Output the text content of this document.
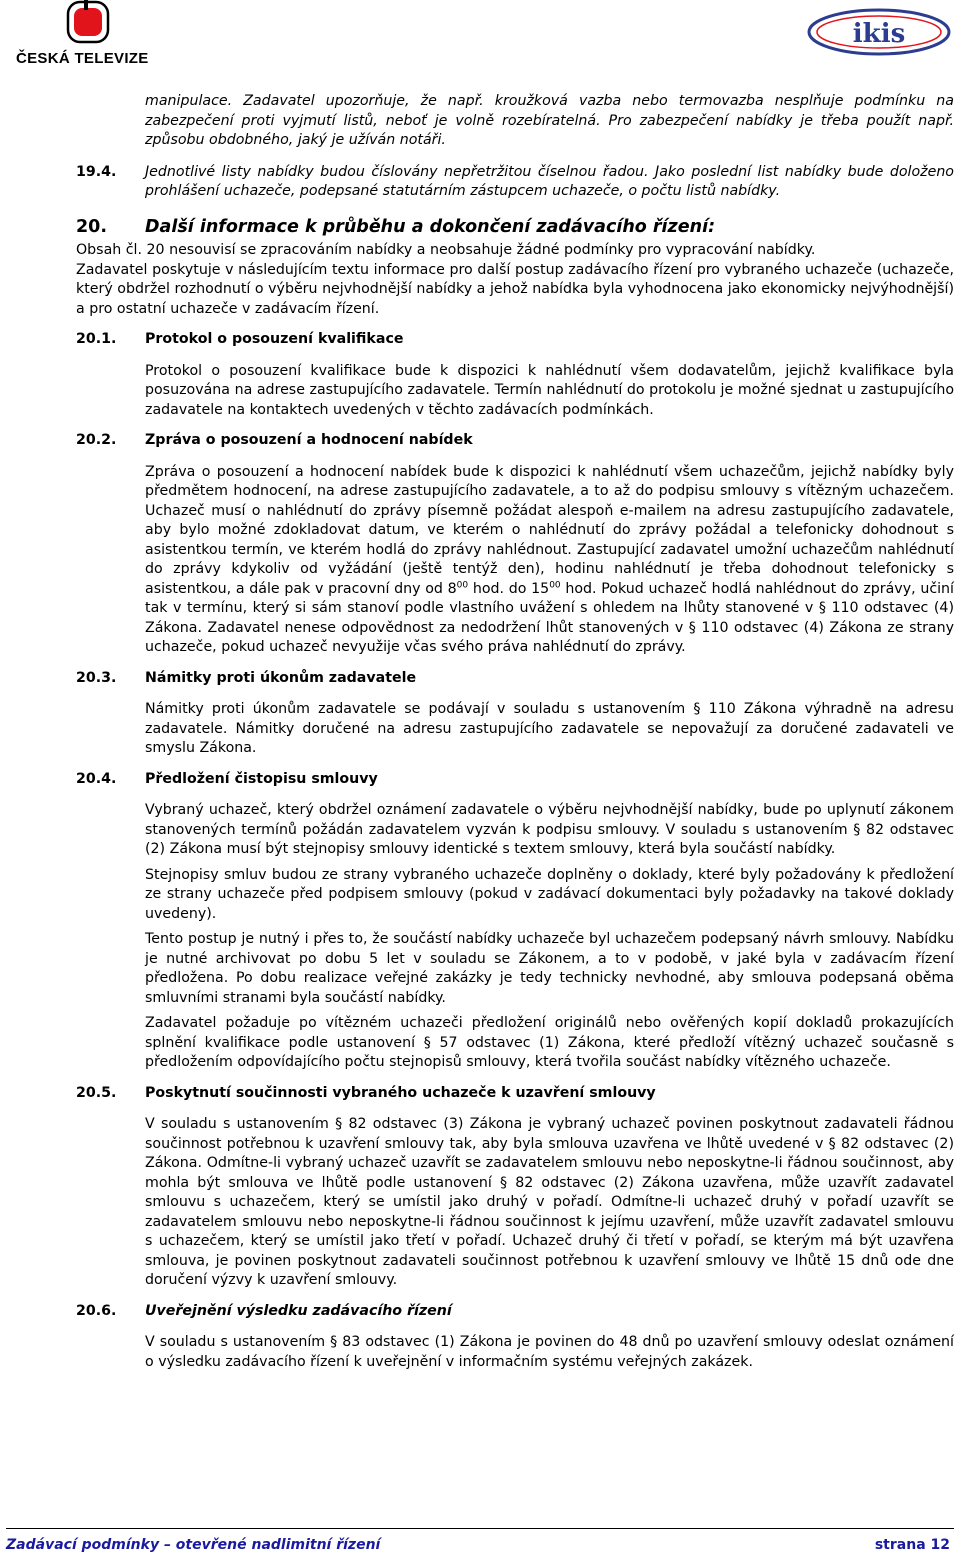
ČESKÁ TELEVIZE
ikis
manipulace. Zadavatel upozorňuje, že např. kroužková vazba nebo termovazba nesplňuje podmínku na zabezpečení proti vyjmutí listů, neboť je volně rozebíratelná. Pro zabezpečení nabídky je třeba použít např. způsobu obdobného, jaký je užíván notáři.
19.4. Jednotlivé listy nabídky budou číslovány nepřetržitou číselnou řadou. Jako poslední list nabídky bude doloženo prohlášení uchazeče, podepsané statutárním zástupcem uchazeče, o počtu listů nabídky.
20. Další informace k průběhu a dokončení zadávacího řízení:
Obsah čl. 20 nesouvisí se zpracováním nabídky a neobsahuje žádné podmínky pro vypracování nabídky.
Zadavatel poskytuje v následujícím textu informace pro další postup zadávacího řízení pro vybraného uchazeče (uchazeče, který obdržel rozhodnutí o výběru nejvhodnější nabídky a jehož nabídka byla vyhodnocena jako ekonomicky nejvýhodnější) a pro ostatní uchazeče v zadávacím řízení.
20.1. Protokol o posouzení kvalifikace
Protokol o posouzení kvalifikace bude k dispozici k nahlédnutí všem dodavatelům, jejichž kvalifikace byla posuzována na adrese zastupujícího zadavatele. Termín nahlédnutí do protokolu je možné sjednat u zastupujícího zadavatele na kontaktech uvedených v těchto zadávacích podmínkách.
20.2. Zpráva o posouzení a hodnocení nabídek
Zpráva o posouzení a hodnocení nabídek bude k dispozici k nahlédnutí všem uchazečům, jejichž nabídky byly předmětem hodnocení, na adrese zastupujícího zadavatele, a to až do podpisu smlouvy s vítězným uchazečem. Uchazeč musí o nahlédnutí do zprávy písemně požádat alespoň e-mailem na adresu zastupujícího zadavatele, aby bylo možné zdokladovat datum, ve kterém o nahlédnutí do zprávy požádal a telefonicky dohodnout s asistentkou termín, ve kterém hodlá do zprávy nahlédnout. Zastupující zadavatel umožní uchazečům nahlédnutí do zprávy kdykoliv od vyžádání (ještě tentýž den), hodinu nahlédnutí je třeba dohodnout telefonicky s asistentkou, a dále pak v pracovní dny od $8^{00}$ hod. do $15^{00}$ hod. Pokud uchazeč hodlá nahlédnout do zprávy, učiní tak v termínu, který si sám stanoví podle vlastního uvážení s ohledem na lhůty stanovené v § 110 odstavec (4) Zákona. Zadavatel nenese odpovědnost za nedodržení lhůt stanovených v § 110 odstavec (4) Zákona ze strany uchazeče, pokud uchazeč nevyužije včas svého práva nahlédnutí do zprávy.
20.3. Námitky proti úkonům zadavatele
Námitky proti úkonům zadavatele se podávají v souladu s ustanovením § 110 Zákona výhradně na adresu zadavatele. Námitky doručené na adresu zastupujícího zadavatele se nepovažují za doručené zadavateli ve smyslu Zákona.
20.4. Předložení čistopisu smlouvy
Vybraný uchazeč, který obdržel oznámení zadavatele o výběru nejvhodnější nabídky, bude po uplynutí zákonem stanovených termínů požádán zadavatelem vyzván k podpisu smlouvy. V souladu s ustanovením § 82 odstavec (2) Zákona musí být stejnopisy smlouvy identické s textem smlouvy, která byla součástí nabídky.
Stejnopisy smluv budou ze strany vybraného uchazeče doplněny o doklady, které byly požadovány k předložení ze strany uchazeče před podpisem smlouvy (pokud v zadávací dokumentaci byly požadavky na takové doklady uvedeny).
Tento postup je nutný i přes to, že součástí nabídky uchazeče byl uchazečem podepsaný návrh smlouvy. Nabídku je nutné archivovat po dobu 5 let v souladu se Zákonem, a to v podobě, v jaké byla v zadávacím řízení předložena. Po dobu realizace veřejné zakázky je tedy technicky nevhodné, aby smlouva podepsaná oběma smluvními stranami byla součástí nabídky.
Zadavatel požaduje po vítězném uchazeči předložení originálů nebo ověřených kopií dokladů prokazujících splnění kvalifikace podle ustanovení § 57 odstavec (1) Zákona, které předloží vítězný uchazeč současně s předložením odpovídajícího počtu stejnopisů smlouvy, která tvořila součást nabídky vítězného uchazeče.
20.5. Poskytnutí součinnosti vybraného uchazeče k uzavření smlouvy
V souladu s ustanovením § 82 odstavec (3) Zákona je vybraný uchazeč povinen poskytnout zadavateli řádnou součinnost potřebnou k uzavření smlouvy tak, aby byla smlouva uzavřena ve lhůtě uvedené v § 82 odstavec (2) Zákona. Odmítne-li vybraný uchazeč uzavřít se zadavatelem smlouvu nebo neposkytne-li řádnou součinnost, aby mohla být smlouva ve lhůtě podle ustanovení § 82 odstavec (2) Zákona uzavřena, může uzavřít zadavatel smlouvu s uchazečem, který se umístil jako druhý v pořadí. Odmítne-li uchazeč druhý v pořadí uzavřít se zadavatelem smlouvu nebo neposkytne-li řádnou součinnost k jejímu uzavření, může uzavřít zadavatel smlouvu s uchazečem, který se umístil jako třetí v pořadí. Uchazeč druhý či třetí v pořadí, se kterým má být uzavřena smlouva, je povinen poskytnout zadavateli součinnost potřebnou k uzavření smlouvy ve lhůtě 15 dnů ode dne doručení výzvy k uzavření smlouvy.
20.6. Uveřejnění výsledku zadávacího řízení
V souladu s ustanovením § 83 odstavec (1) Zákona je povinen do 48 dnů po uzavření smlouvy odeslat oznámení o výsledku zadávacího řízení k uveřejnění v informačním systému veřejných zakázek.
Zadávací podmínky – otevřené nadlimitní řízení	strana 12
